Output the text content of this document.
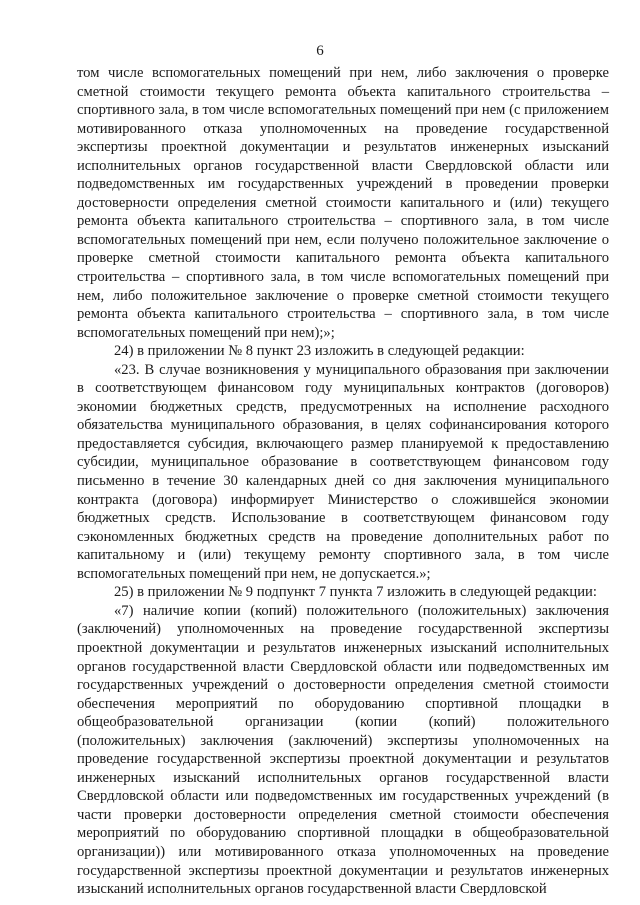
6

том числе вспомогательных помещений при нем, либо заключения о проверке сметной стоимости текущего ремонта объекта капитального строительства – спортивного зала, в том числе вспомогательных помещений при нем (с приложением мотивированного отказа уполномоченных на проведение государственной экспертизы проектной документации и результатов инженерных изысканий исполнительных органов государственной власти Свердловской области или подведомственных им государственных учреждений в проведении проверки достоверности определения сметной стоимости капитального и (или) текущего ремонта объекта капитального строительства – спортивного зала, в том числе вспомогательных помещений при нем, если получено положительное заключение о проверке сметной стоимости капитального ремонта объекта капитального строительства – спортивного зала, в том числе вспомогательных помещений при нем, либо положительное заключение о проверке сметной стоимости текущего ремонта объекта капитального строительства – спортивного зала, в том числе вспомогательных помещений при нем);»;

24) в приложении № 8 пункт 23 изложить в следующей редакции:

«23. В случае возникновения у муниципального образования при заключении в соответствующем финансовом году муниципальных контрактов (договоров) экономии бюджетных средств, предусмотренных на исполнение расходного обязательства муниципального образования, в целях софинансирования которого предоставляется субсидия, включающего размер планируемой к предоставлению субсидии, муниципальное образование в соответствующем финансовом году письменно в течение 30 календарных дней со дня заключения муниципального контракта (договора) информирует Министерство о сложившейся экономии бюджетных средств. Использование в соответствующем финансовом году сэкономленных бюджетных средств на проведение дополнительных работ по капитальному и (или) текущему ремонту спортивного зала, в том числе вспомогательных помещений при нем, не допускается.»;

25) в приложении № 9 подпункт 7 пункта 7 изложить в следующей редакции:

«7) наличие копии (копий) положительного (положительных) заключения (заключений) уполномоченных на проведение государственной экспертизы проектной документации и результатов инженерных изысканий исполнительных органов государственной власти Свердловской области или подведомственных им государственных учреждений о достоверности определения сметной стоимости обеспечения мероприятий по оборудованию спортивной площадки в общеобразовательной организации (копии (копий) положительного (положительных) заключения (заключений) экспертизы уполномоченных на проведение государственной экспертизы проектной документации и результатов инженерных изысканий исполнительных органов государственной власти Свердловской области или подведомственных им государственных учреждений (в части проверки достоверности определения сметной стоимости обеспечения мероприятий по оборудованию спортивной площадки в общеобразовательной организации)) или мотивированного отказа уполномоченных на проведение государственной экспертизы проектной документации и результатов инженерных изысканий исполнительных органов государственной власти Свердловской
